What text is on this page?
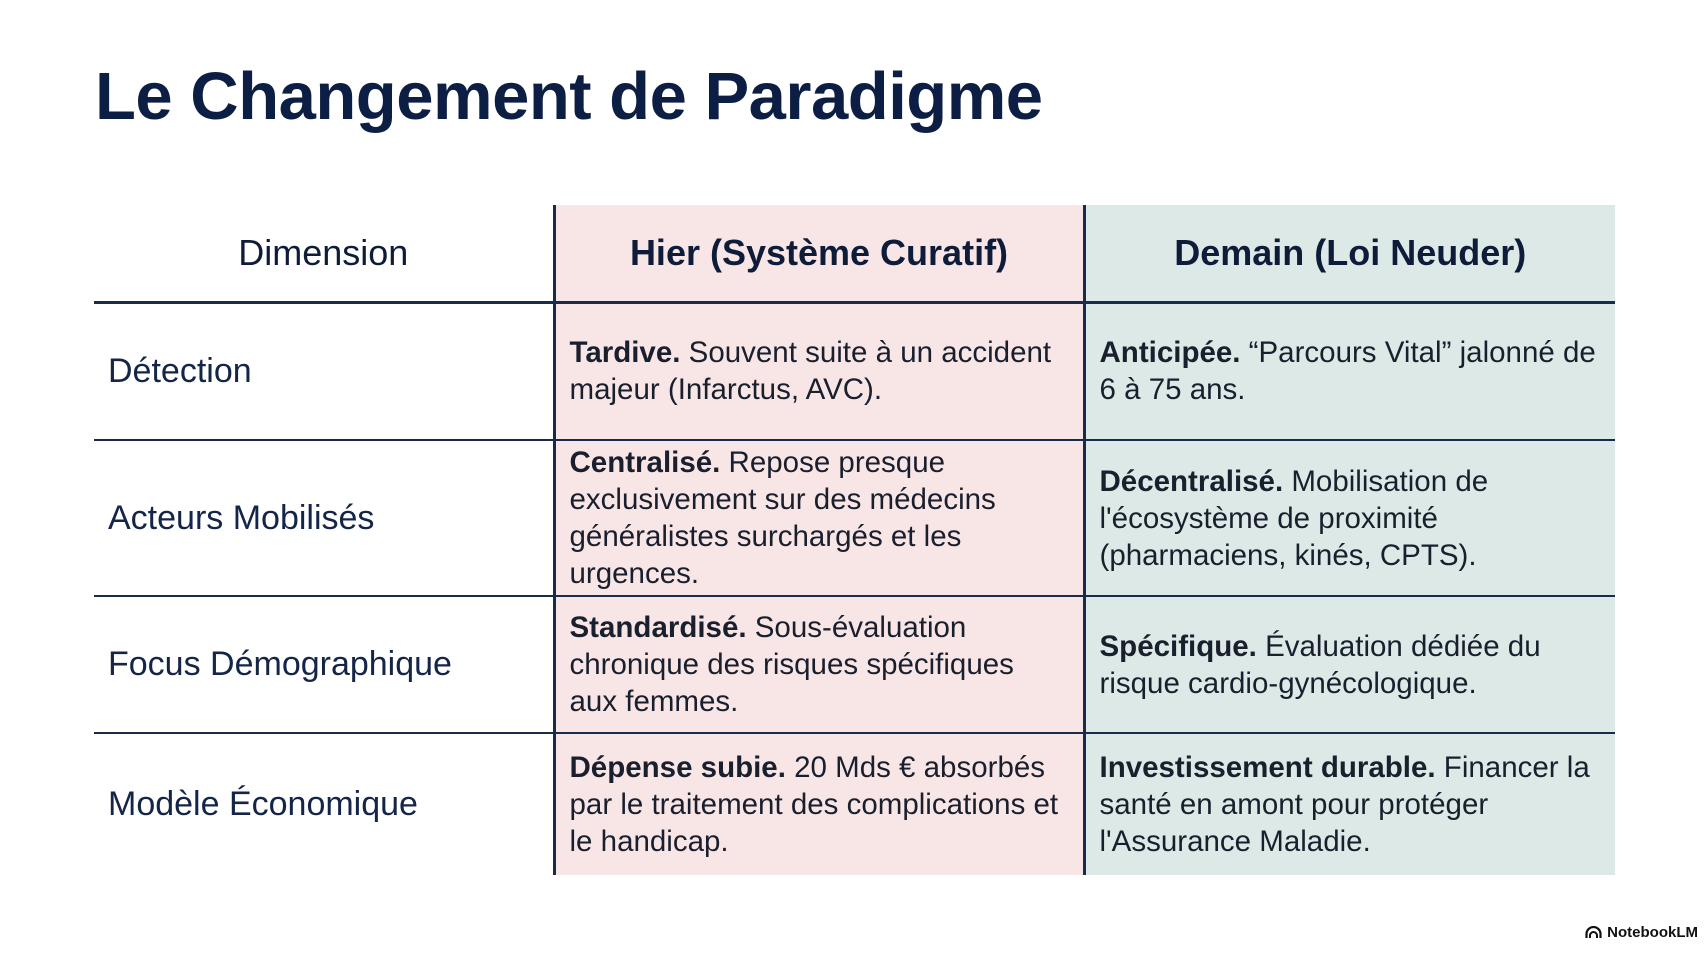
Le Changement de Paradigme
Dimension	Hier (Système Curatif)	Demain (Loi Neuder)
Détection	Tardive. Souvent suite à un accident majeur (Infarctus, AVC).	Anticipée. “Parcours Vital” jalonné de 6 à 75 ans.
Acteurs Mobilisés	Centralisé. Repose presque exclusivement sur des médecins généralistes surchargés et les urgences.	Décentralisé. Mobilisation de l'écosystème de proximité (pharmaciens, kinés, CPTS).
Focus Démographique	Standardisé. Sous-évaluation chronique des risques spécifiques aux femmes.	Spécifique. Évaluation dédiée du risque cardio-gynécologique.
Modèle Économique	Dépense subie. 20 Mds € absorbés par le traitement des complications et le handicap.	Investissement durable. Financer la santé en amont pour protéger l'Assurance Maladie.
NotebookLM
